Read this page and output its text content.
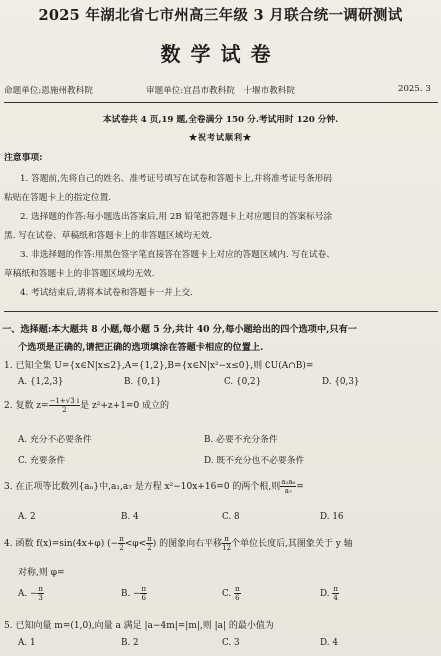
2025 年湖北省七市州高三年级 3 月联合统一调研测试
数学试卷
命题单位:恩施州教科院	审题单位:宜昌市教科院　十堰市教科院	2025. 3
本试卷共 4 页,19 题,全卷满分 150 分.考试用时 120 分钟.
★祝考试顺利★
注意事项:
1. 答题前,先将自己的姓名、准考证号填写在试卷和答题卡上,并将准考证号条形码
粘贴在答题卡上的指定位置.
2. 选择题的作答:每小题选出答案后,用 2B 铅笔把答题卡上对应题目的答案标号涂
黑. 写在试卷、草稿纸和答题卡上的非答题区域均无效.
3. 非选择题的作答:用黑色签字笔直接答在答题卡上对应的答题区域内. 写在试卷、
草稿纸和答题卡上的非答题区域均无效.
4. 考试结束后,请将本试卷和答题卡一并上交.
一、选择题:本大题共 8 小题,每小题 5 分,共计 40 分,每小题给出的四个选项中,只有一
个选项是正确的,请把正确的选项填涂在答题卡相应的位置上.
1. 已知全集 U={x∈N|x≤2},A={1,2},B={x∈N|x²−x≤0},则 ∁U(A∩B)=
A. {1,2,3}	B. {0,1}	C. {0,2}	D. {0,3}
2. 复数 $z= \frac{-1+√3 i}{2}$ 是 z²+z+1=0 成立的
A. 充分不必要条件	B. 必要不充分条件
C. 充要条件	D. 既不充分也不必要条件
3. 在正项等比数列{aₙ}中,a₁,a₇ 是方程 x²−10x+16=0 的两个根,则 $\frac{\text{a₂a₆}}{\text{a₇}}$ =
A. 2	B. 4	C. 8	D. 16
4. 函数 f(x)=sin(4x+φ) (− $\frac{\pi}{2} <\varphi< \frac{\pi}{2}$ ) 的图象向右平移 $\frac{\pi}{12}$ 个单位长度后,其图象关于 y 轴
对称,则 φ=
A. − $\frac{\pi}{3}$	B. − $\frac{\pi}{6}$	C. $\frac{\pi}{6}$	D. $\frac{\pi}{4}$
5. 已知向量 m=(1,0),向量 a 满足 |a−4m|=|m|,则 |a| 的最小值为
A. 1	B. 2	C. 3	D. 4
